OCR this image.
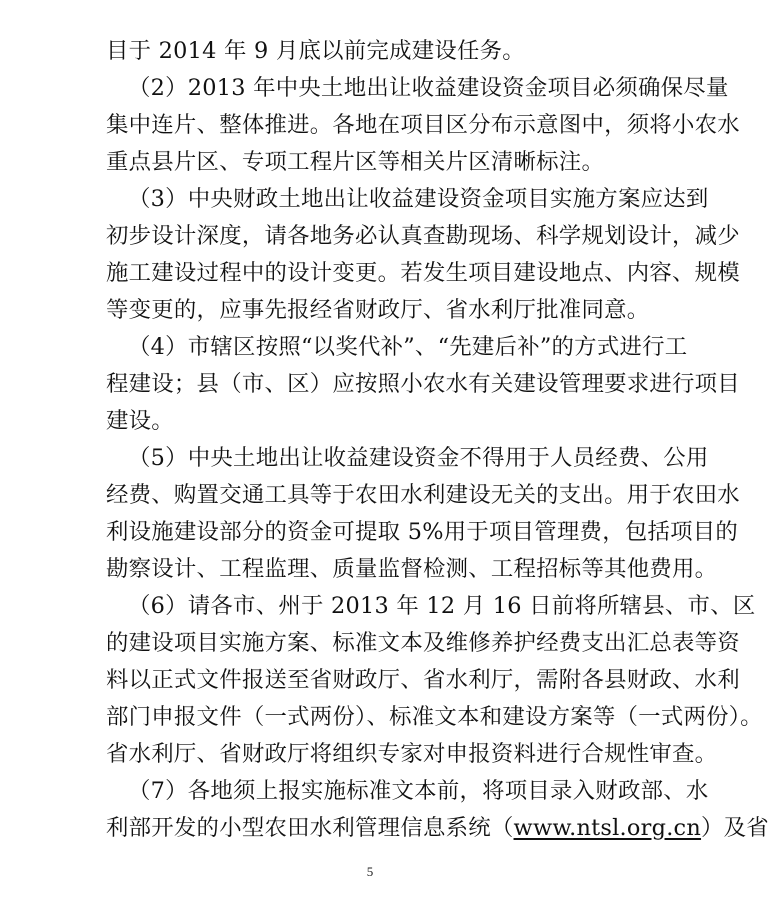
目于 2014 年 9 月底以前完成建设任务。
（2）2013 年中央土地出让收益建设资金项目必须确保尽量
集中连片、整体推进。各地在项目区分布示意图中，须将小农水
重点县片区、专项工程片区等相关片区清晰标注。
（3）中央财政土地出让收益建设资金项目实施方案应达到
初步设计深度，请各地务必认真查勘现场、科学规划设计，减少
施工建设过程中的设计变更。若发生项目建设地点、内容、规模
等变更的，应事先报经省财政厅、省水利厅批准同意。
（4）市辖区按照“以奖代补”、“先建后补”的方式进行工
程建设；县（市、区）应按照小农水有关建设管理要求进行项目
建设。
（5）中央土地出让收益建设资金不得用于人员经费、公用
经费、购置交通工具等于农田水利建设无关的支出。用于农田水
利设施建设部分的资金可提取 5%用于项目管理费，包括项目的
勘察设计、工程监理、质量监督检测、工程招标等其他费用。
（6）请各市、州于 2013 年 12 月 16 日前将所辖县、市、区
的建设项目实施方案、标准文本及维修养护经费支出汇总表等资
料以正式文件报送至省财政厅、省水利厅，需附各县财政、水利
部门申报文件（一式两份）、标准文本和建设方案等（一式两份）。
省水利厅、省财政厅将组织专家对申报资料进行合规性审查。
（7）各地须上报实施标准文本前，将项目录入财政部、水
利部开发的小型农田水利管理信息系统（www.ntsl.org.cn）及省
5
